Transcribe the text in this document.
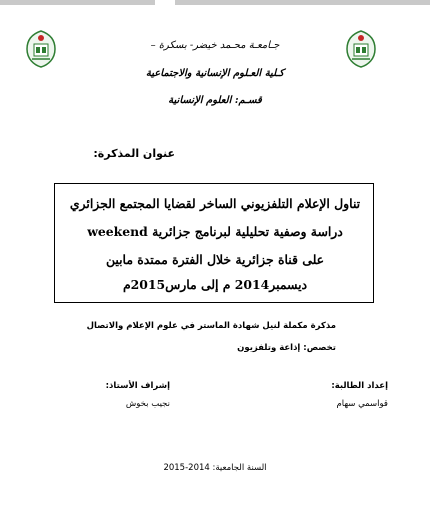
جـامعـة محـمد خيضر- بسكرة –
كـلية العـلوم الإنسانية والاجتماعية
قسـم: العلوم الإنسانية
عنوان المذكرة:
تناول الإعلام التلفزيوني الساخر لقضايا المجتمع الجزائري
دراسة وصفية تحليلية لبرنامج جزائرية weekend
على قناة جزائرية خلال الفترة ممتدة مابين
ديسمبر2014 م إلى مارس2015م
مذكرة مكملة لنيل شهادة الماستر في علوم الإعلام والاتصال
تخصص: إذاعة وتلفزيون
إعداد الطالبة:
قواسمي سهام
إشراف الأستاذ:
نجيب بخوش
السنة الجامعية: 2014-2015
